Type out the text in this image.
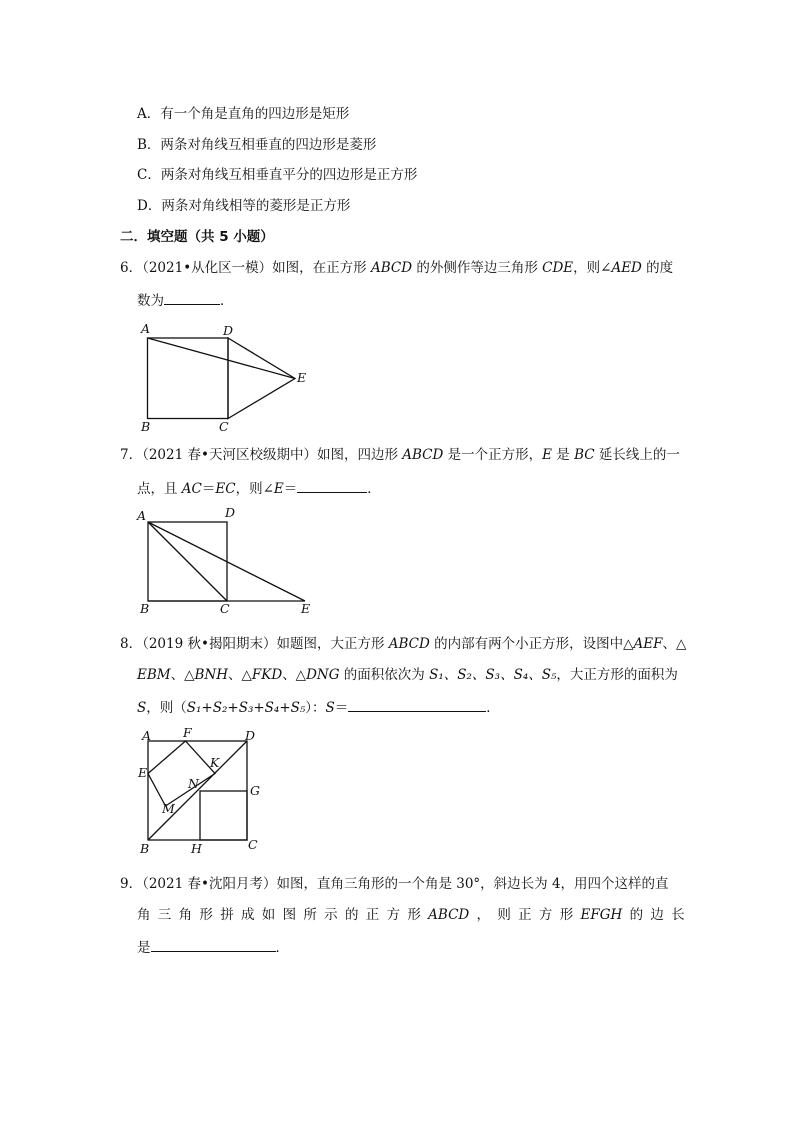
A．有一个角是直角的四边形是矩形
B．两条对角线互相垂直的四边形是菱形
C．两条对角线互相垂直平分的四边形是正方形
D．两条对角线相等的菱形是正方形
二．填空题（共 5 小题）
6．（2021•从化区一模）如图，在正方形 ABCD 的外侧作等边三角形 CDE，则∠AED 的度
数为	．
A	D
E
B	C
7．（2021 春•天河区校级期中）如图，四边形 ABCD 是一个正方形，E 是 BC 延长线上的一
点，且 AC＝EC，则∠E＝	．
A	D
B	C	E
8．（2019 秋•揭阳期末）如题图，大正方形 ABCD 的内部有两个小正方形，设图中△AEF、△
EBM、△BNH、△FKD、△DNG 的面积依次为 S₁、S₂、S₃、S₄、S₅，大正方形的面积为
S，则（S₁+S₂+S₃+S₄+S₅）：S＝	．
A	F	D
K
E
N	G
M
B	H	C
9．（2021 春•沈阳月考）如图，直角三角形的一个角是 30°，斜边长为 4，用四个这样的直
角 三 角 形 拼 成 如 图 所 示 的 正 方 形 ABCD ， 则 正 方 形 EFGH 的 边 长
是	．
